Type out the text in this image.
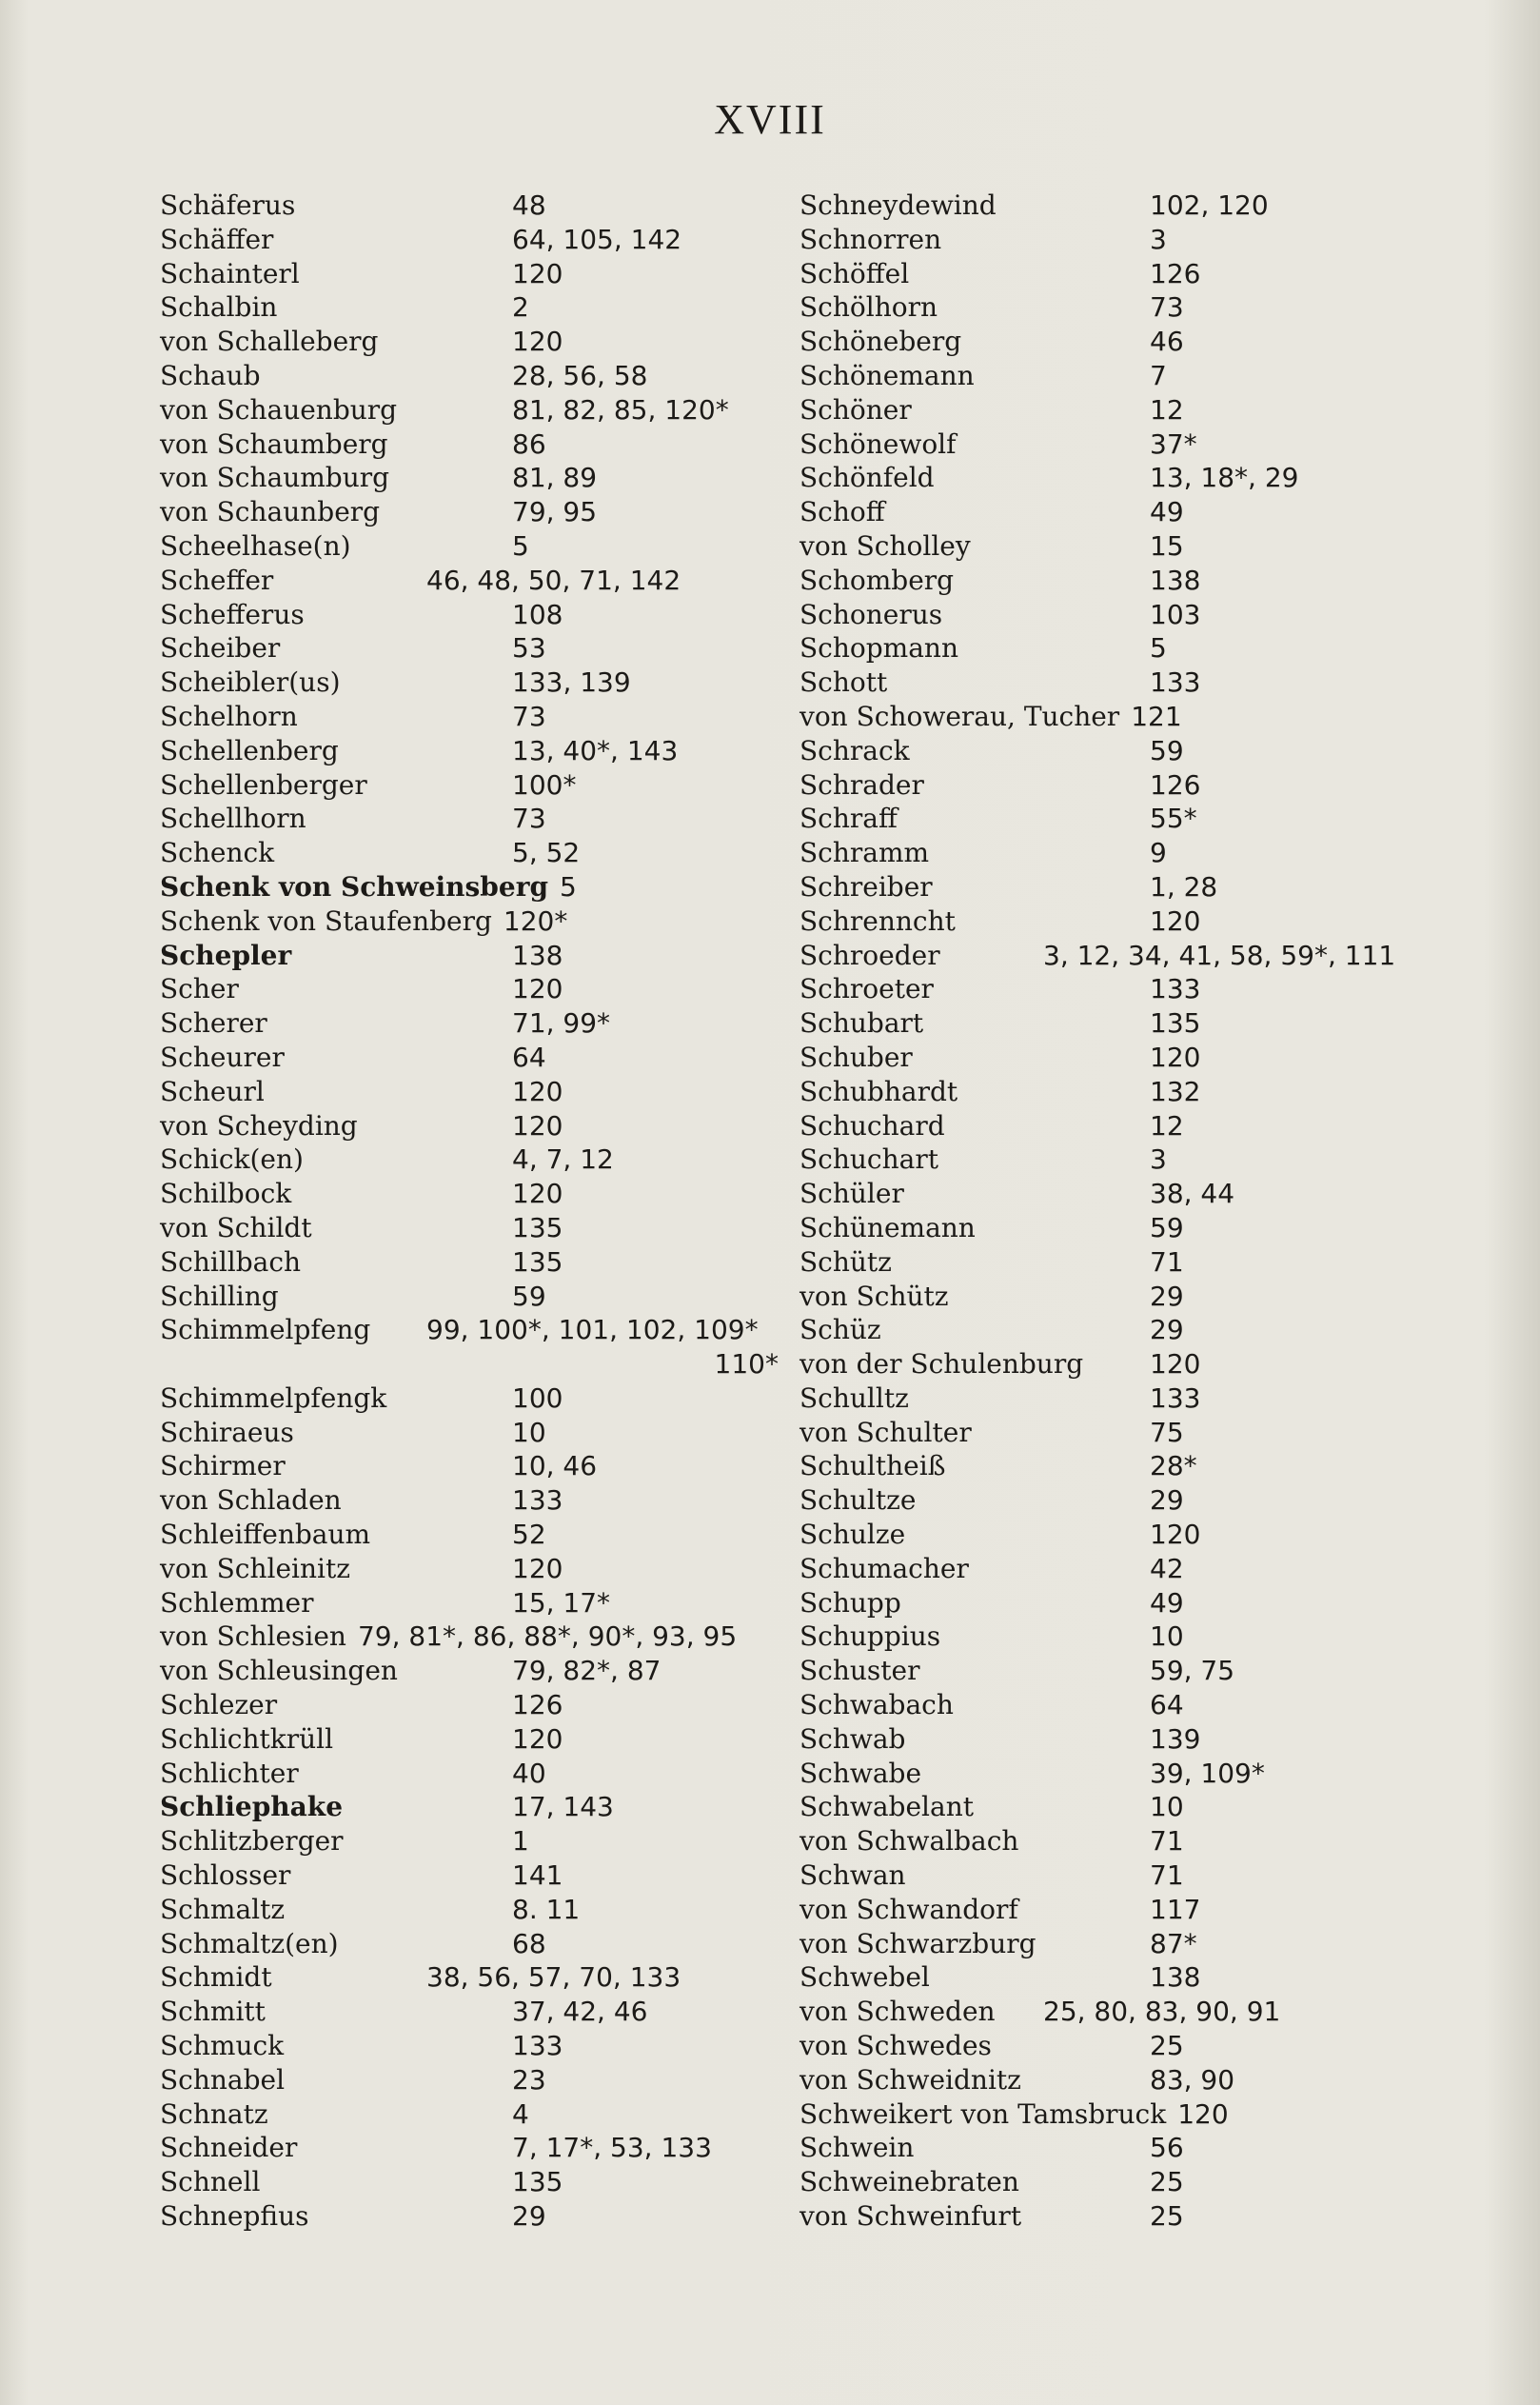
XVIII
Schäferus	48
Schäffer	64, 105, 142
Schainterl	120
Schalbin	2
von Schalleberg	120
Schaub	28, 56, 58
von Schauenburg	81, 82, 85, 120*
von Schaumberg	86
von Schaumburg	81, 89
von Schaunberg	79, 95
Scheelhase(n)	5
Scheffer	46, 48, 50, 71, 142
Schefferus	108
Scheiber	53
Scheibler(us)	133, 139
Schelhorn	73
Schellenberg	13, 40*, 143
Schellenberger	100*
Schellhorn	73
Schenck	5, 52
Schenk von Schweinsberg 5
Schenk von Staufenberg 120*
Schepler	138
Scher	120
Scherer	71, 99*
Scheurer	64
Scheurl	120
von Scheyding	120
Schick(en)	4, 7, 12
Schilbock	120
von Schildt	135
Schillbach	135
Schilling	59
Schimmelpfeng 99, 100*, 101, 102, 109*
110*
Schimmelpfengk	100
Schiraeus	10
Schirmer	10, 46
von Schladen	133
Schleiffenbaum	52
von Schleinitz	120
Schlemmer	15, 17*
von Schlesien 79, 81*, 86, 88*, 90*, 93, 95
von Schleusingen	79, 82*, 87
Schlezer	126
Schlichtkrüll	120
Schlichter	40
Schliephake	17, 143
Schlitzberger	1
Schlosser	141
Schmaltz	8. 11
Schmaltz(en)	68
Schmidt	38, 56, 57, 70, 133
Schmitt	37, 42, 46
Schmuck	133
Schnabel	23
Schnatz	4
Schneider	7, 17*, 53, 133
Schnell	135
Schnepfius	29
Schneydewind	102, 120
Schnorren	3
Schöffel	126
Schölhorn	73
Schöneberg	46
Schönemann	7
Schöner	12
Schönewolf	37*
Schönfeld	13, 18*, 29
Schoff	49
von Scholley	15
Schomberg	138
Schonerus	103
Schopmann	5
Schott	133
von Schowerau, Tucher 121
Schrack	59
Schrader	126
Schraff	55*
Schramm	9
Schreiber	1, 28
Schrenncht	120
Schroeder	3, 12, 34, 41, 58, 59*, 111
Schroeter	133
Schubart	135
Schuber	120
Schubhardt	132
Schuchard	12
Schuchart	3
Schüler	38, 44
Schünemann	59
Schütz	71
von Schütz	29
Schüz	29
von der Schulenburg 120
Schulltz	133
von Schulter	75
Schultheiß	28*
Schultze	29
Schulze	120
Schumacher	42
Schupp	49
Schuppius	10
Schuster	59, 75
Schwabach	64
Schwab	139
Schwabe	39, 109*
Schwabelant	10
von Schwalbach	71
Schwan	71
von Schwandorf	117
von Schwarzburg	87*
Schwebel	138
von Schweden 25, 80, 83, 90, 91
von Schwedes	25
von Schweidnitz	83, 90
Schweikert von Tamsbruck 120
Schwein	56
Schweinebraten	25
von Schweinfurt	25
